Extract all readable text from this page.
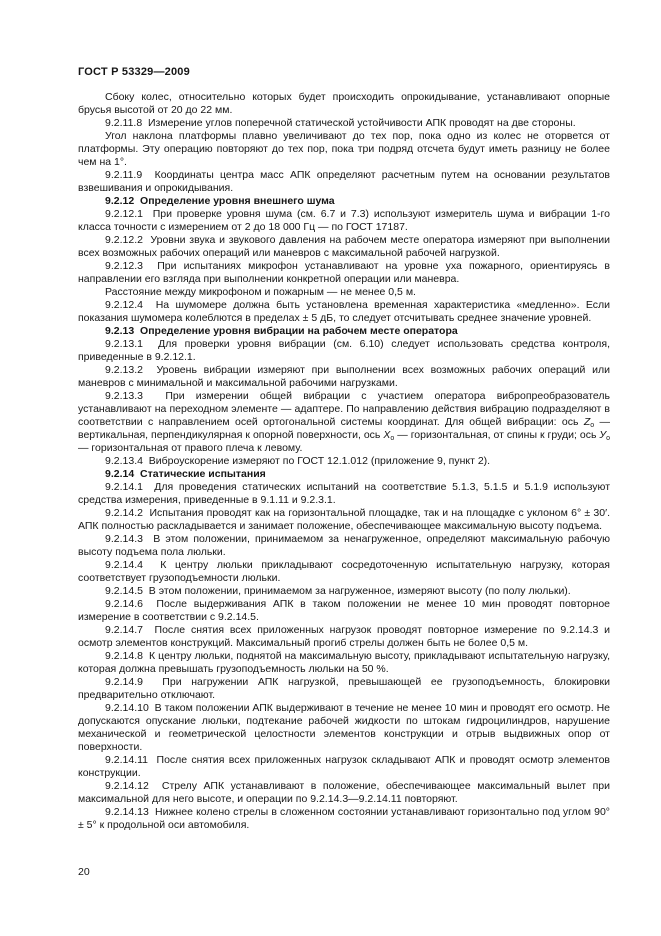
ГОСТ Р 53329—2009

Сбоку колес, относительно которых будет происходить опрокидывание, устанавливают опорные брусья высотой от 20 до 22 мм.

9.2.11.8  Измерение углов поперечной статической устойчивости АПК проводят на две стороны.

Угол наклона платформы плавно увеличивают до тех пор, пока одно из колес не оторвется от платформы. Эту операцию повторяют до тех пор, пока три подряд отсчета будут иметь разницу не более чем на 1°.

9.2.11.9  Координаты центра масс АПК определяют расчетным путем на основании результатов взвешивания и опрокидывания.

9.2.12  Определение уровня внешнего шума

9.2.12.1  При проверке уровня шума (см. 6.7 и 7.3) используют измеритель шума и вибрации 1-го класса точности с измерением от 2 до 18 000 Гц — по ГОСТ 17187.

9.2.12.2  Уровни звука и звукового давления на рабочем месте оператора измеряют при выполнении всех возможных рабочих операций или маневров с максимальной рабочей нагрузкой.

9.2.12.3  При испытаниях микрофон устанавливают на уровне уха пожарного, ориентируясь в направлении его взгляда при выполнении конкретной операции или маневра.

Расстояние между микрофоном и пожарным — не менее 0,5 м.

9.2.12.4  На шумомере должна быть установлена временная характеристика «медленно». Если показания шумомера колеблются в пределах ± 5 дБ, то следует отсчитывать среднее значение уровней.

9.2.13  Определение уровня вибрации на рабочем месте оператора

9.2.13.1  Для проверки уровня вибрации (см. 6.10) следует использовать средства контроля, приведенные в 9.2.12.1.

9.2.13.2  Уровень вибрации измеряют при выполнении всех возможных рабочих операций или маневров с минимальной и максимальной рабочими нагрузками.

9.2.13.3  При измерении общей вибрации с участием оператора вибропреобразователь устанавливают на переходном элементе — адаптере. По направлению действия вибрацию подразделяют в соответствии с направлением осей ортогональной системы координат. Для общей вибрации: ось Zо — вертикальная, перпендикулярная к опорной поверхности, ось Xо — горизонтальная, от спины к груди; ось Уо — горизонтальная от правого плеча к левому.

9.2.13.4  Виброускорение измеряют по ГОСТ 12.1.012 (приложение 9, пункт 2).

9.2.14  Статические испытания

9.2.14.1  Для проведения статических испытаний на соответствие 5.1.3, 5.1.5 и 5.1.9 используют средства измерения, приведенные в 9.1.11 и 9.2.3.1.

9.2.14.2  Испытания проводят как на горизонтальной площадке, так и на площадке с уклоном 6° ± 30′. АПК полностью раскладывается и занимает положение, обеспечивающее максимальную высоту подъема.

9.2.14.3  В этом положении, принимаемом за ненагруженное, определяют максимальную рабочую высоту подъема пола люльки.

9.2.14.4  К центру люльки прикладывают сосредоточенную испытательную нагрузку, которая соответствует грузоподъемности люльки.

9.2.14.5  В этом положении, принимаемом за нагруженное, измеряют высоту (по полу люльки).

9.2.14.6  После выдерживания АПК в таком положении не менее 10 мин проводят повторное измерение в соответствии с 9.2.14.5.

9.2.14.7  После снятия всех приложенных нагрузок проводят повторное измерение по 9.2.14.3 и осмотр элементов конструкций. Максимальный прогиб стрелы должен быть не более 0,5 м.

9.2.14.8  К центру люльки, поднятой на максимальную высоту, прикладывают испытательную нагрузку, которая должна превышать грузоподъемность люльки на 50 %.

9.2.14.9  При нагружении АПК нагрузкой, превышающей ее грузоподъемность, блокировки предварительно отключают.

9.2.14.10  В таком положении АПК выдерживают в течение не менее 10 мин и проводят его осмотр. Не допускаются опускание люльки, подтекание рабочей жидкости по штокам гидроцилиндров, нарушение механической и геометрической целостности элементов конструкции и отрыв выдвижных опор от поверхности.

9.2.14.11  После снятия всех приложенных нагрузок складывают АПК и проводят осмотр элементов конструкции.

9.2.14.12  Стрелу АПК устанавливают в положение, обеспечивающее максимальный вылет при максимальной для него высоте, и операции по 9.2.14.3—9.2.14.11 повторяют.

9.2.14.13  Нижнее колено стрелы в сложенном состоянии устанавливают горизонтально под углом 90° ± 5° к продольной оси автомобиля.

20
